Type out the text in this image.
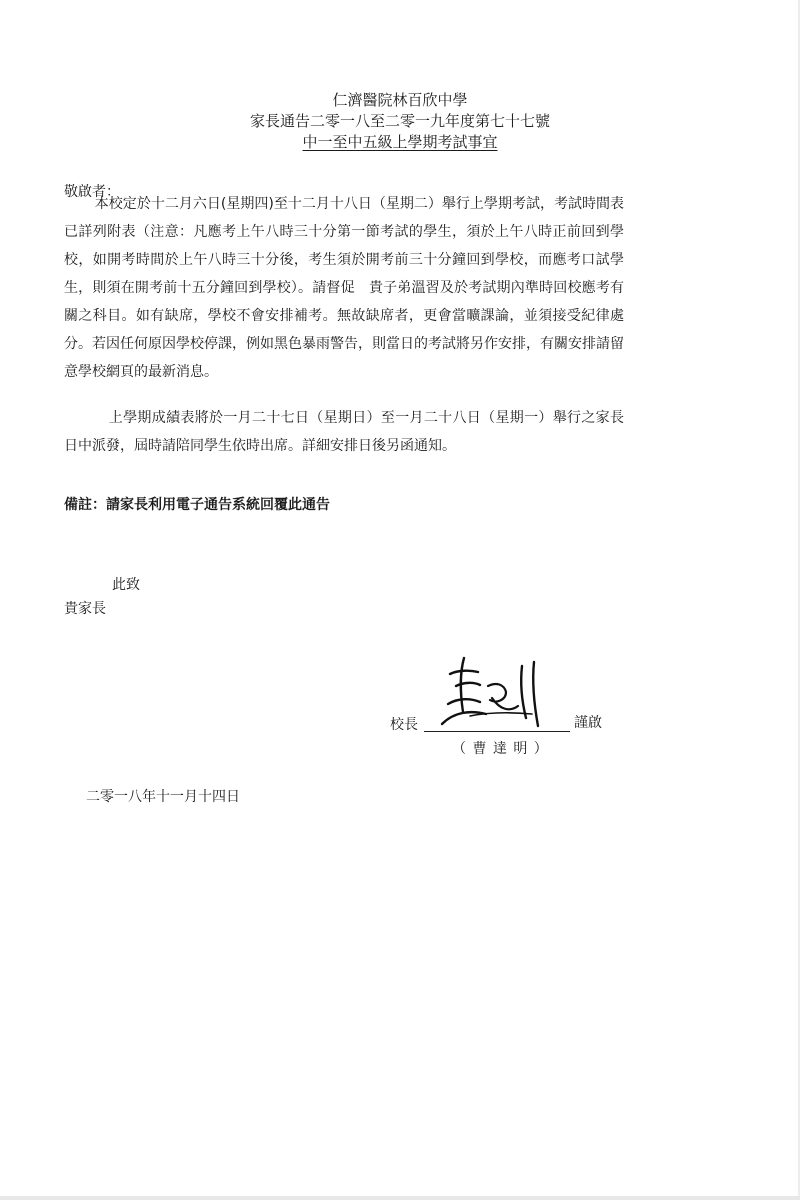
仁濟醫院林百欣中學
家長通告二零一八至二零一九年度第七十七號
中一至中五級上學期考試事宜
敬啟者：
本校定於十二月六日(星期四)至十二月十八日（星期二）舉行上學期考試，考試時間表已詳列附表（注意：凡應考上午八時三十分第一節考試的學生，須於上午八時正前回到學校，如開考時間於上午八時三十分後，考生須於開考前三十分鐘回到學校，而應考口試學生，則須在開考前十五分鐘回到學校）。請督促　貴子弟溫習及於考試期內準時回校應考有關之科目。如有缺席，學校不會安排補考。無故缺席者，更會當曠課論，並須接受紀律處分。若因任何原因學校停課，例如黑色暴雨警告，則當日的考試將另作安排，有關安排請留意學校網頁的最新消息。
上學期成績表將於一月二十七日（星期日）至一月二十八日（星期一）舉行之家長日中派發，屆時請陪同學生依時出席。詳細安排日後另函通知。
備註：請家長利用電子通告系統回覆此通告
此致
貴家長
校長	謹啟
（ 曹 達 明 ）
二零一八年十一月十四日
